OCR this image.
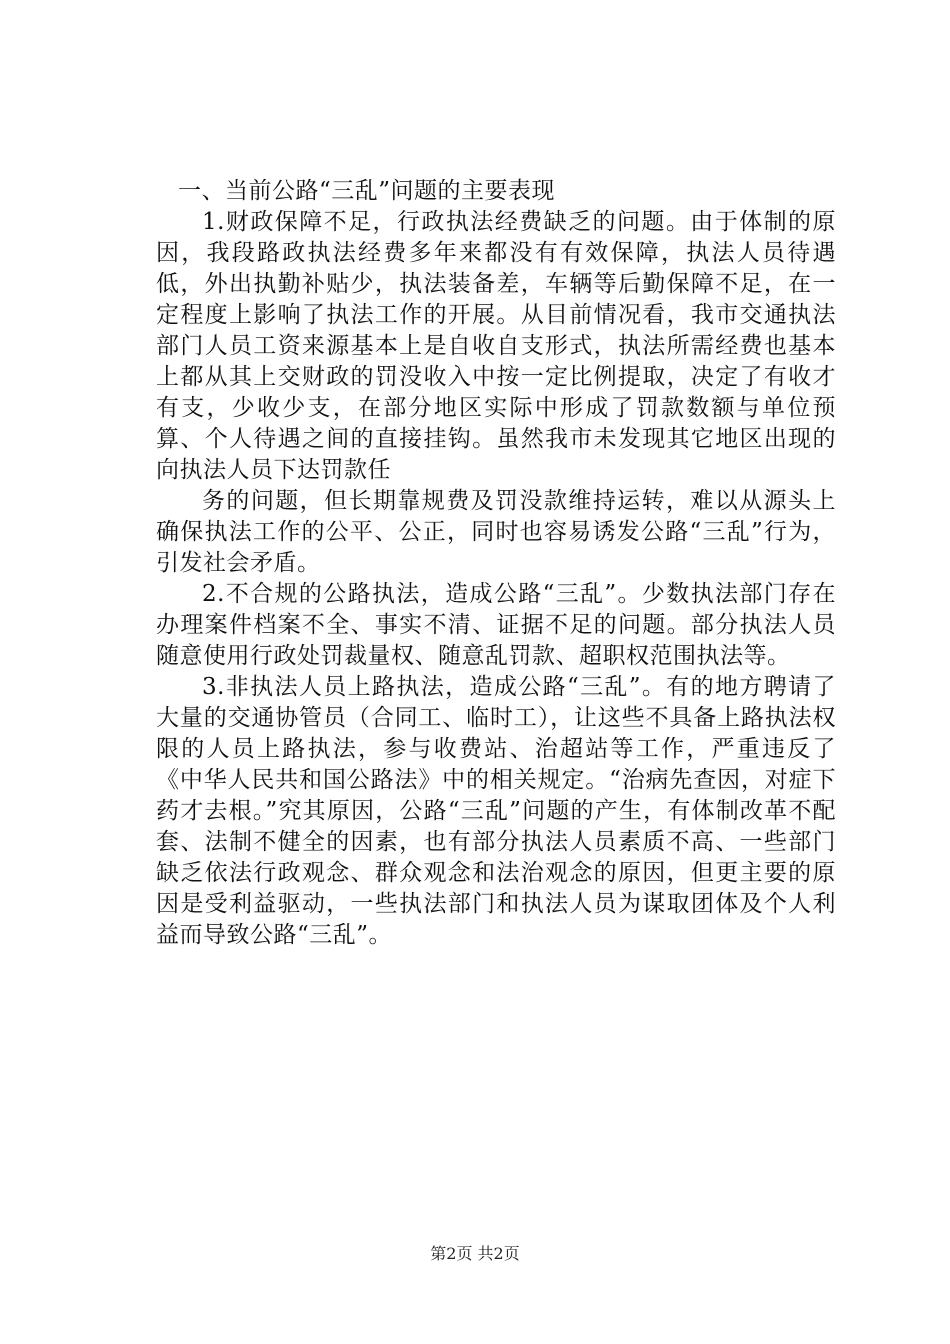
一、当前公路“三乱”问题的主要表现

1.财政保障不足，行政执法经费缺乏的问题。由于体制的原因，我段路政执法经费多年来都没有有效保障，执法人员待遇低，外出执勤补贴少，执法装备差，车辆等后勤保障不足，在一定程度上影响了执法工作的开展。从目前情况看，我市交通执法部门人员工资来源基本上是自收自支形式，执法所需经费也基本上都从其上交财政的罚没收入中按一定比例提取，决定了有收才有支，少收少支，在部分地区实际中形成了罚款数额与单位预算、个人待遇之间的直接挂钩。虽然我市未发现其它地区出现的向执法人员下达罚款任

务的问题，但长期靠规费及罚没款维持运转，难以从源头上确保执法工作的公平、公正，同时也容易诱发公路“三乱”行为，引发社会矛盾。

2.不合规的公路执法，造成公路“三乱”。少数执法部门存在办理案件档案不全、事实不清、证据不足的问题。部分执法人员随意使用行政处罚裁量权、随意乱罚款、超职权范围执法等。

3.非执法人员上路执法，造成公路“三乱”。有的地方聘请了大量的交通协管员（合同工、临时工），让这些不具备上路执法权限的人员上路执法，参与收费站、治超站等工作，严重违反了《中华人民共和国公路法》中的相关规定。“治病先查因，对症下药才去根。”究其原因，公路“三乱”问题的产生，有体制改革不配套、法制不健全的因素，也有部分执法人员素质不高、一些部门缺乏依法行政观念、群众观念和法治观念的原因，但更主要的原因是受利益驱动，一些执法部门和执法人员为谋取团体及个人利益而导致公路“三乱”。

第2页 共2页
